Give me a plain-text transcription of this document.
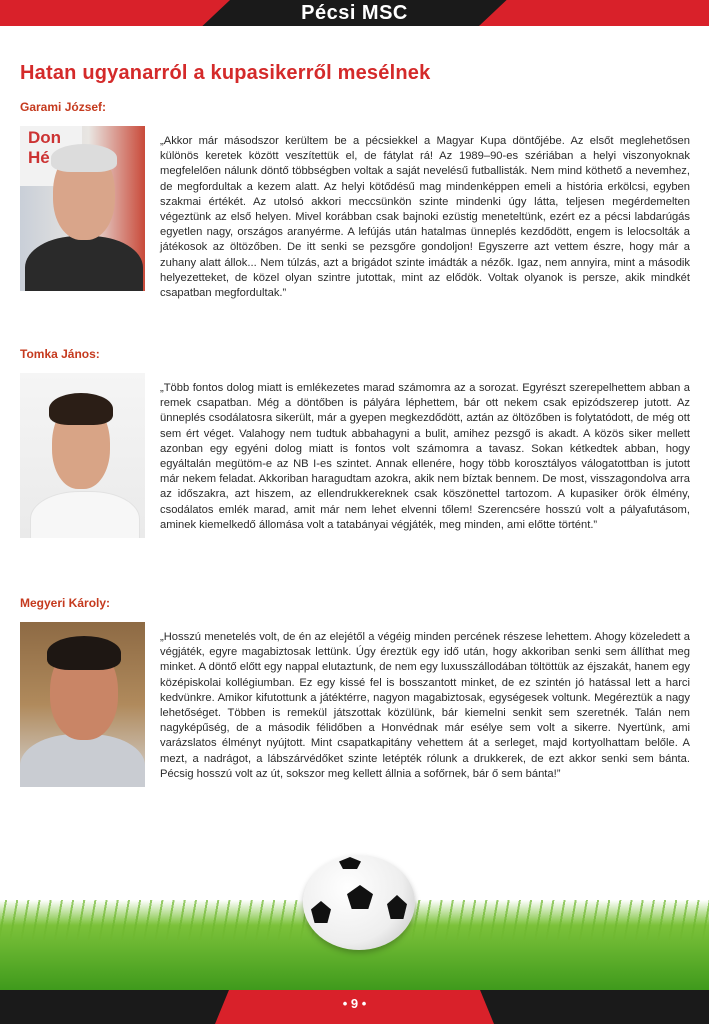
Pécsi MSC
Hatan ugyanarról a kupasikerről mesélnek
Garami József:
Don
Hé
„Akkor már másodszor kerültem be a pécsiekkel a Magyar Kupa döntőjébe. Az elsőt meglehetősen különös keretek között veszítettük el, de fátylat rá! Az 1989–90-es szériában a helyi viszonyoknak megfelelően nálunk döntő többségben voltak a saját nevelésű futballisták. Nem mind köthető a nevemhez, de megfordultak a kezem alatt. Az helyi kötődésű mag mindenképpen emeli a história erkölcsi, egyben szakmai értékét. Az utolsó akkori meccsünkön szinte mindenki úgy látta, teljesen megérdemelten végeztünk az első helyen. Mivel korábban csak bajnoki ezüstig meneteltünk, ezért ez a pécsi labdarúgás egyetlen nagy, országos aranyérme. A lefújás után hatalmas ünneplés kezdődött, engem is lelocsolták a játékosok az öltözőben. De itt senki se pezsgőre gondoljon! Egyszerre azt vettem észre, hogy már a zuhany alatt állok... Nem túlzás, azt a brigádot szinte imádták a nézők. Igaz, nem annyira, mint a második helyezetteket, de közel olyan szintre jutottak, mint az elődök. Voltak olyanok is persze, akik mindkét csapatban megfordultak.”
Tomka János:
„Több fontos dolog miatt is emlékezetes marad számomra az a sorozat. Egyrészt szerepelhettem abban a remek csapatban. Még a döntőben is pályára léphettem, bár ott nekem csak epizódszerep jutott. Az ünneplés csodálatosra sikerült, már a gyepen megkezdődött, aztán az öltözőben is folytatódott, de még ott sem ért véget. Valahogy nem tudtuk abbahagyni a bulit, amihez pezsgő is akadt. A közös siker mellett azonban egy egyéni dolog miatt is fontos volt számomra a tavasz. Sokan kétkedtek abban, hogy egyáltalán megütöm-e az NB I-es szintet. Annak ellenére, hogy több korosztályos válogatottban is jutott már nekem feladat. Akkoriban haragudtam azokra, akik nem bíztak bennem. De most, visszagondolva arra az időszakra, azt hiszem, az ellendrukkereknek csak köszönettel tartozom. A kupasiker örök élmény, csodálatos emlék marad, amit már nem lehet elvenni tőlem! Szerencsére hosszú volt a pályafutásom, aminek kiemelkedő állomása volt a tatabányai végjáték, meg minden, ami előtte történt.”
Megyeri Károly:
„Hosszú menetelés volt, de én az elejétől a végéig minden percének részese lehettem. Ahogy közeledett a végjáték, egyre magabiztosak lettünk. Úgy éreztük egy idő után, hogy akkoriban senki sem állíthat meg minket. A döntő előtt egy nappal elutaztunk, de nem egy luxusszállodában töltöttük az éjszakát, hanem egy középiskolai kollégiumban. Ez egy kissé fel is bosszantott minket, de ez szintén jó hatással lett a harci kedvünkre. Amikor kifutottunk a játéktérre, nagyon magabiztosak, egységesek voltunk. Megéreztük a nagy lehetőséget. Többen is remekül játszottak közülünk, bár kiemelni senkit sem szeretnék. Talán nem nagyképűség, de a második félidőben a Honvédnak már esélye sem volt a sikerre. Nyertünk, ami varázslatos élményt nyújtott. Mint csapatkapitány vehettem át a serleget, majd kortyolhattam belőle. A mezt, a nadrágot, a lábszárvédőket szinte letépték rólunk a drukkerek, de ezt akkor senki sem bánta. Pécsig hosszú volt az út, sokszor meg kellett állnia a sofőrnek, bár ő sem bánta!”
• 9 •
